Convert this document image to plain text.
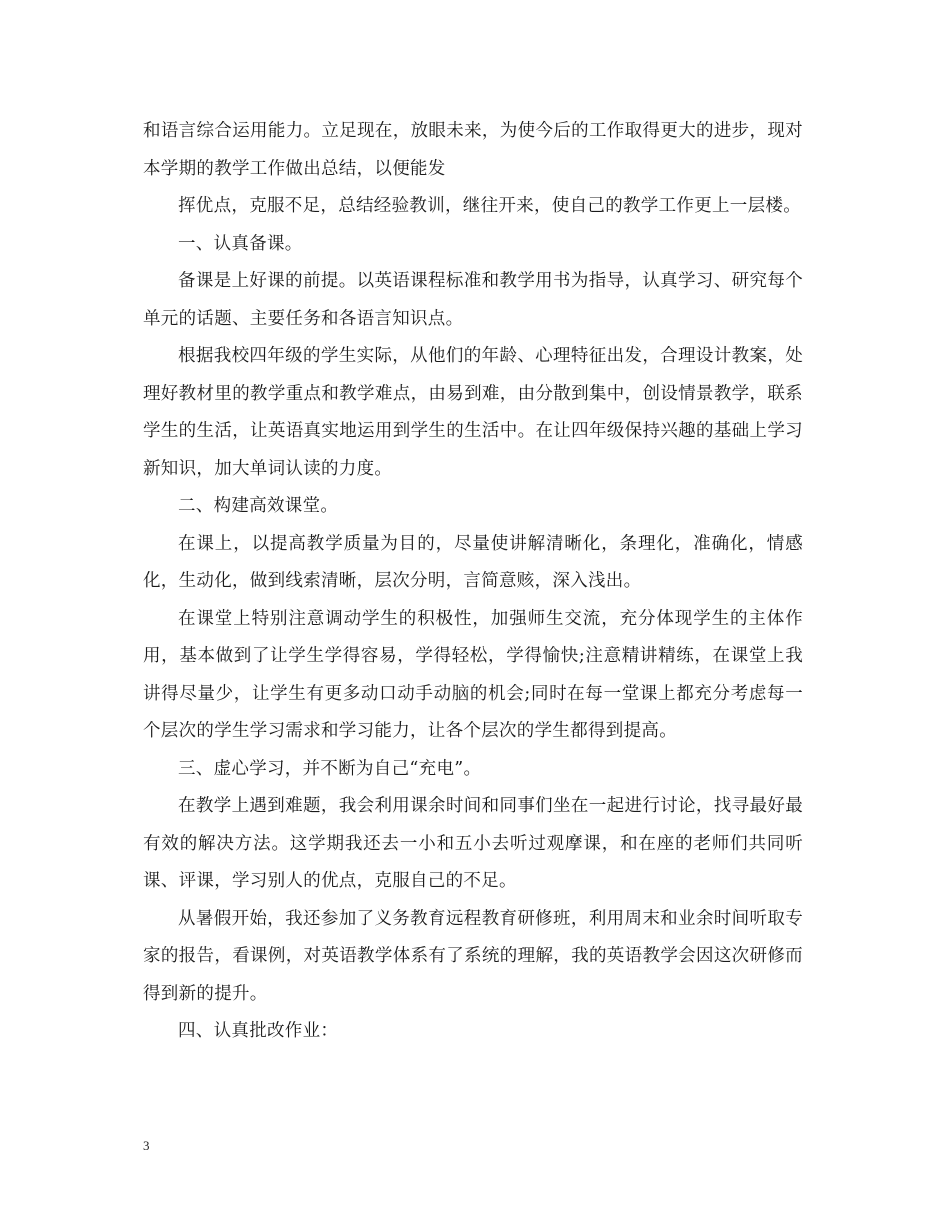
和语言综合运用能力。立足现在，放眼未来，为使今后的工作取得更大的进步，现对本学期的教学工作做出总结，以便能发

挥优点，克服不足，总结经验教训，继往开来，使自己的教学工作更上一层楼。

一、认真备课。

备课是上好课的前提。以英语课程标准和教学用书为指导，认真学习、研究每个单元的话题、主要任务和各语言知识点。

根据我校四年级的学生实际，从他们的年龄、心理特征出发，合理设计教案，处理好教材里的教学重点和教学难点，由易到难，由分散到集中，创设情景教学，联系学生的生活，让英语真实地运用到学生的生活中。在让四年级保持兴趣的基础上学习新知识，加大单词认读的力度。

二、构建高效课堂。

在课上，以提高教学质量为目的，尽量使讲解清晰化，条理化，准确化，情感化，生动化，做到线索清晰，层次分明，言简意赅，深入浅出。

在课堂上特别注意调动学生的积极性，加强师生交流，充分体现学生的主体作用，基本做到了让学生学得容易，学得轻松，学得愉快;注意精讲精练，在课堂上我讲得尽量少，让学生有更多动口动手动脑的机会;同时在每一堂课上都充分考虑每一个层次的学生学习需求和学习能力，让各个层次的学生都得到提高。

三、虚心学习，并不断为自己“充电”。

在教学上遇到难题，我会利用课余时间和同事们坐在一起进行讨论，找寻最好最有效的解决方法。这学期我还去一小和五小去听过观摩课，和在座的老师们共同听课、评课，学习别人的优点，克服自己的不足。

从暑假开始，我还参加了义务教育远程教育研修班，利用周末和业余时间听取专家的报告，看课例，对英语教学体系有了系统的理解，我的英语教学会因这次研修而得到新的提升。

四、认真批改作业：

3
